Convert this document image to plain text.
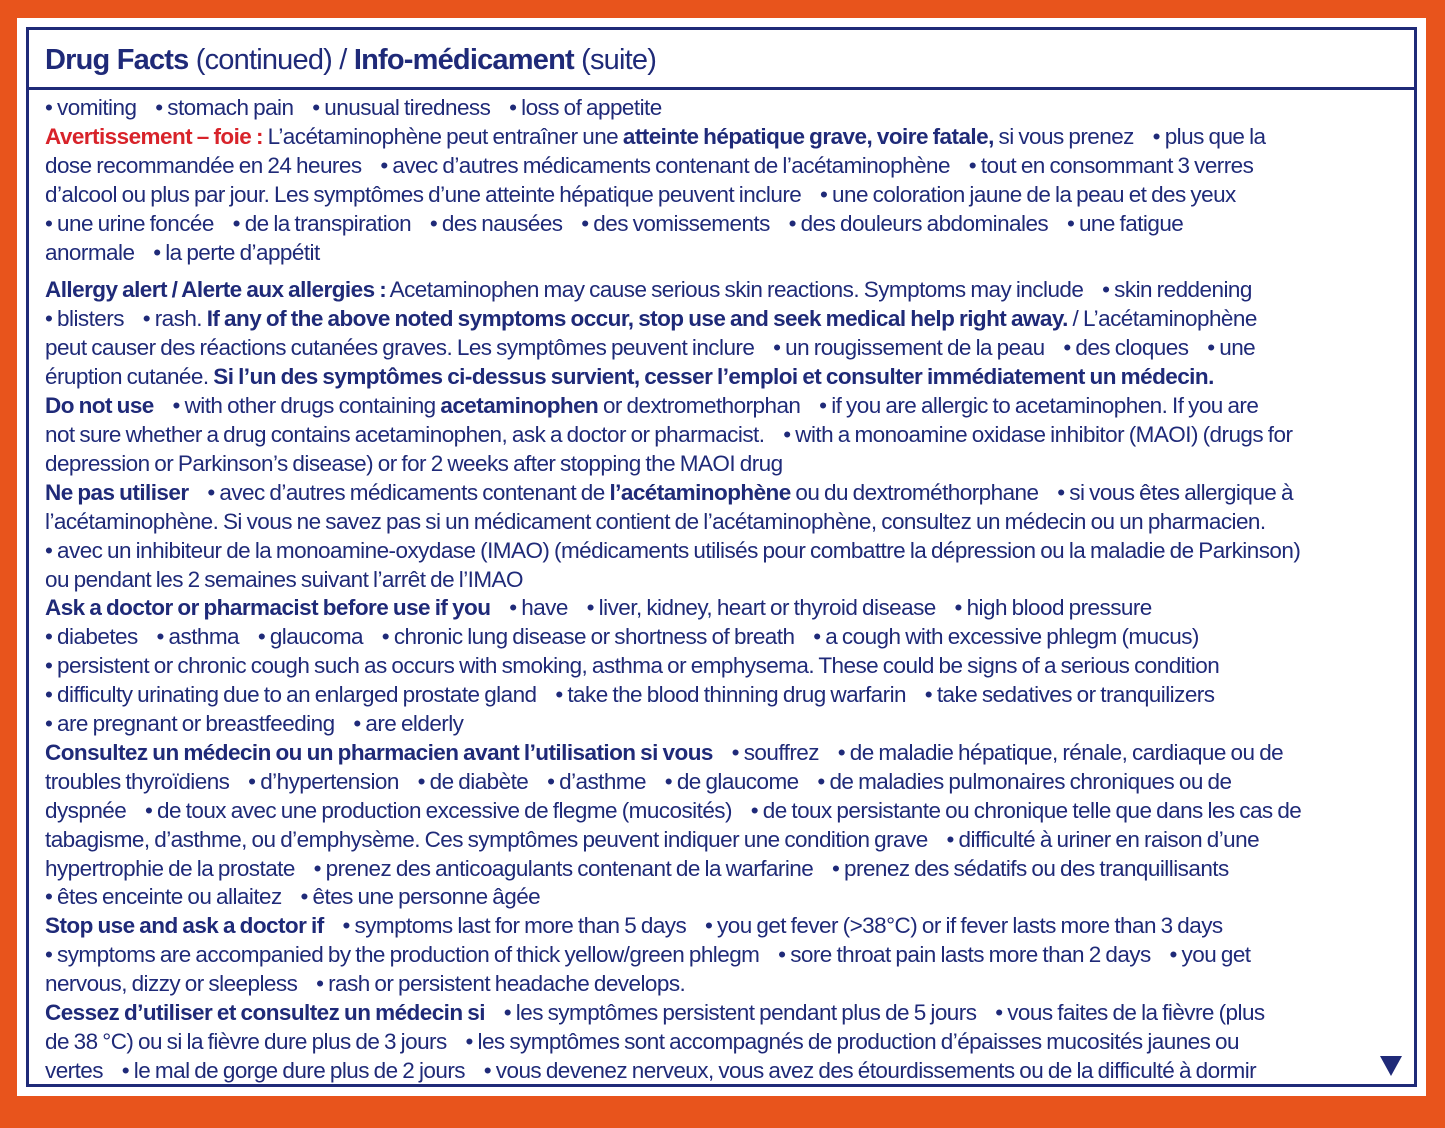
Drug Facts (continued) / Info-médicament (suite)

• vomiting    • stomach pain    • unusual tiredness    • loss of appetite

Avertissement – foie : L’acétaminophène peut entraîner une atteinte hépatique grave, voire fatale, si vous prenez    • plus que la

dose recommandée en 24 heures    • avec d’autres médicaments contenant de l’acétaminophène    • tout en consommant 3 verres

d’alcool ou plus par jour. Les symptômes d’une atteinte hépatique peuvent inclure    • une coloration jaune de la peau et des yeux

• une urine foncée    • de la transpiration    • des nausées    • des vomissements    • des douleurs abdominales    • une fatigue

anormale    • la perte d’appétit

Allergy alert / Alerte aux allergies : Acetaminophen may cause serious skin reactions. Symptoms may include    • skin reddening

• blisters    • rash. If any of the above noted symptoms occur, stop use and seek medical help right away. / L’acétaminophène

peut causer des réactions cutanées graves. Les symptômes peuvent inclure    • un rougissement de la peau    • des cloques    • une

éruption cutanée. Si l’un des symptômes ci-dessus survient, cesser l’emploi et consulter immédiatement un médecin.

Do not use    • with other drugs containing acetaminophen or dextromethorphan    • if you are allergic to acetaminophen. If you are

not sure whether a drug contains acetaminophen, ask a doctor or pharmacist.    • with a monoamine oxidase inhibitor (MAOI) (drugs for

depression or Parkinson’s disease) or for 2 weeks after stopping the MAOI drug

Ne pas utiliser    • avec d’autres médicaments contenant de l’acétaminophène ou du dextrométhorphane    • si vous êtes allergique à

l’acétaminophène. Si vous ne savez pas si un médicament contient de l’acétaminophène, consultez un médecin ou un pharmacien.

• avec un inhibiteur de la monoamine-oxydase (IMAO) (médicaments utilisés pour combattre la dépression ou la maladie de Parkinson)

ou pendant les 2 semaines suivant l’arrêt de l’IMAO

Ask a doctor or pharmacist before use if you    • have    • liver, kidney, heart or thyroid disease    • high blood pressure

• diabetes    • asthma    • glaucoma    • chronic lung disease or shortness of breath    • a cough with excessive phlegm (mucus)

• persistent or chronic cough such as occurs with smoking, asthma or emphysema. These could be signs of a serious condition

• difficulty urinating due to an enlarged prostate gland    • take the blood thinning drug warfarin    • take sedatives or tranquilizers

• are pregnant or breastfeeding    • are elderly

Consultez un médecin ou un pharmacien avant l’utilisation si vous    • souffrez    • de maladie hépatique, rénale, cardiaque ou de

troubles thyroïdiens    • d’hypertension    • de diabète    • d’asthme    • de glaucome    • de maladies pulmonaires chroniques ou de

dyspnée    • de toux avec une production excessive de flegme (mucosités)    • de toux persistante ou chronique telle que dans les cas de

tabagisme, d’asthme, ou d’emphysème. Ces symptômes peuvent indiquer une condition grave    • difficulté à uriner en raison d’une

hypertrophie de la prostate    • prenez des anticoagulants contenant de la warfarine    • prenez des sédatifs ou des tranquillisants

• êtes enceinte ou allaitez    • êtes une personne âgée

Stop use and ask a doctor if    • symptoms last for more than 5 days    • you get fever (>38°C) or if fever lasts more than 3 days

• symptoms are accompanied by the production of thick yellow/green phlegm    • sore throat pain lasts more than 2 days    • you get

nervous, dizzy or sleepless    • rash or persistent headache develops.

Cessez d’utiliser et consultez un médecin si    • les symptômes persistent pendant plus de 5 jours    • vous faites de la fièvre (plus

de 38 °C) ou si la fièvre dure plus de 3 jours    • les symptômes sont accompagnés de production d’épaisses mucosités jaunes ou

vertes    • le mal de gorge dure plus de 2 jours    • vous devenez nerveux, vous avez des étourdissements ou de la difficulté à dormir
